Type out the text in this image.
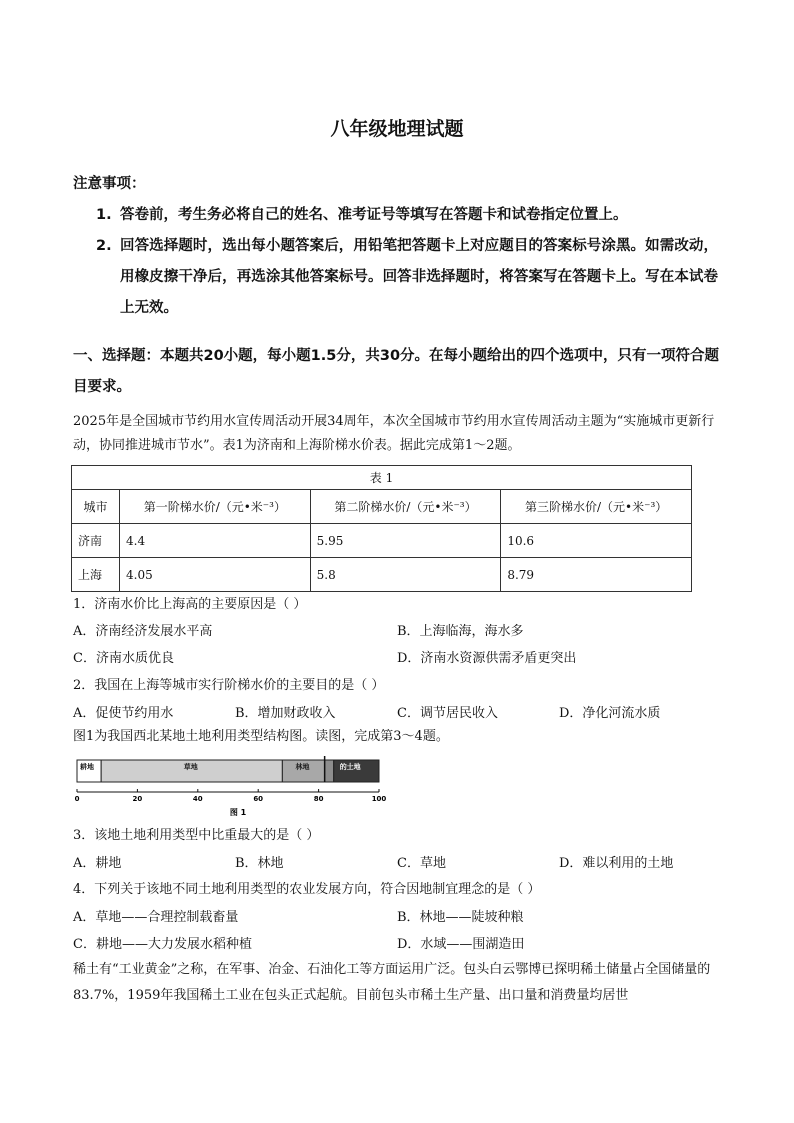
八年级地理试题
注意事项：
1. 答卷前，考生务必将自己的姓名、准考证号等填写在答题卡和试卷指定位置上。
2. 回答选择题时，选出每小题答案后，用铅笔把答题卡上对应题目的答案标号涂黑。如需改动，用橡皮擦干净后，再选涂其他答案标号。回答非选择题时，将答案写在答题卡上。写在本试卷上无效。
一、选择题：本题共20小题，每小题1.5分，共30分。在每小题给出的四个选项中，只有一项符合题目要求。
2025年是全国城市节约用水宣传周活动开展34周年，本次全国城市节约用水宣传周活动主题为“实施城市更新行动，协同推进城市节水”。表1为济南和上海阶梯水价表。据此完成第1～2题。
表 1			
城市	第一阶梯水价/（元•米⁻³）	第二阶梯水价/（元•米⁻³）	第三阶梯水价/（元•米⁻³）
济南	4.4	5.95	10.6
上海	4.05	5.8	8.79
1．济南水价比上海高的主要原因是（ ）
A．济南经济发展水平高	B．上海临海，海水多
C．济南水质优良	D．济南水资源供需矛盾更突出
2．我国在上海等城市实行阶梯水价的主要目的是（ ）
A．促使节约用水	B．增加财政收入	C．调节居民收入	D．净化河流水质
图1为我国西北某地土地利用类型结构图。读图，完成第3～4题。
耕地	草地	林地	的土地
0	20	40	60	80	100
图 1
3．该地土地利用类型中比重最大的是（ ）
A．耕地	B．林地	C．草地	D．难以利用的土地
4．下列关于该地不同土地利用类型的农业发展方向，符合因地制宜理念的是（ ）
A．草地——合理控制载畜量	B．林地——陡坡种粮
C．耕地——大力发展水稻种植	D．水域——围湖造田
稀土有“工业黄金”之称，在军事、冶金、石油化工等方面运用广泛。包头白云鄂博已探明稀土储量占全国储量的83.7%，1959年我国稀土工业在包头正式起航。目前包头市稀土生产量、出口量和消费量均居世
